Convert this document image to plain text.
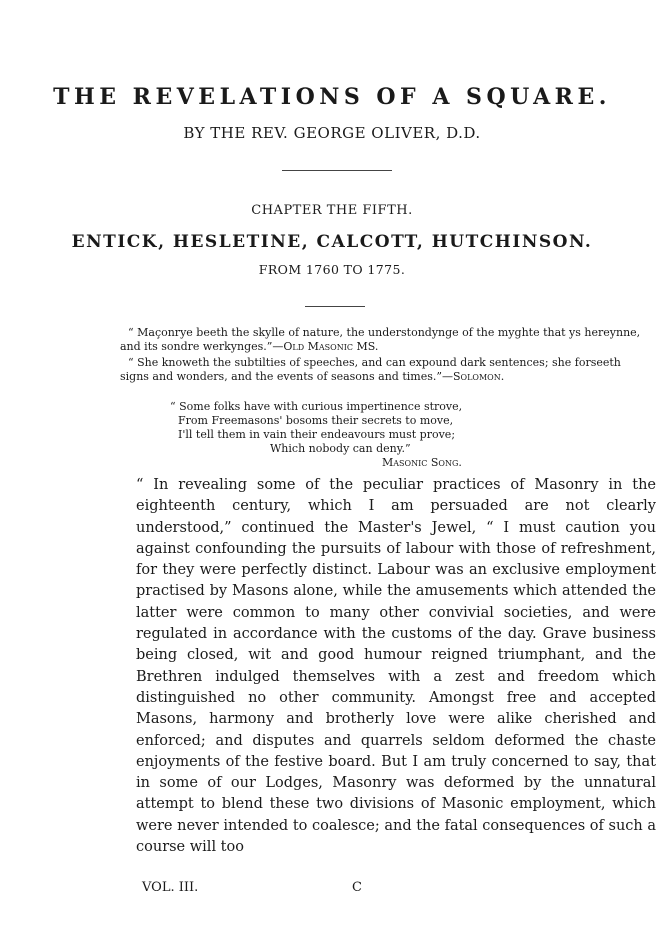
THE REVELATIONS OF A SQUARE.
BY THE REV. GEORGE OLIVER, D.D.
CHAPTER THE FIFTH.
ENTICK, HESLETINE, CALCOTT, HUTCHINSON.
FROM 1760 TO 1775.

“ Maçonrye beeth the skylle of nature, the understondynge of the myghte that ys hereynne, and its sondre werkynges.”—Old Masonic MS.

“ She knoweth the subtilties of speeches, and can expound dark sentences; she forseeth signs and wonders, and the events of seasons and times.”—Solomon.

“ Some folks have with curious impertinence strove,
From Freemasons' bosoms their secrets to move,
I'll tell them in vain their endeavours must prove;
Which nobody can deny.”
Masonic Song.

“ In revealing some of the peculiar practices of Masonry in the eighteenth century, which I am persuaded are not clearly understood,” continued the Master's Jewel, “ I must caution you against confounding the pursuits of labour with those of refreshment, for they were perfectly distinct. Labour was an exclusive employment practised by Masons alone, while the amusements which attended the latter were common to many other convivial societies, and were regulated in accordance with the customs of the day. Grave business being closed, wit and good humour reigned triumphant, and the Brethren indulged themselves with a zest and freedom which distinguished no other community. Amongst free and accepted Masons, harmony and brotherly love were alike cherished and enforced; and disputes and quarrels seldom deformed the chaste enjoyments of the festive board. But I am truly concerned to say, that in some of our Lodges, Masonry was deformed by the unnatural attempt to blend these two divisions of Masonic employment, which were never intended to coalesce; and the fatal consequences of such a course will too

VOL. III.	C
